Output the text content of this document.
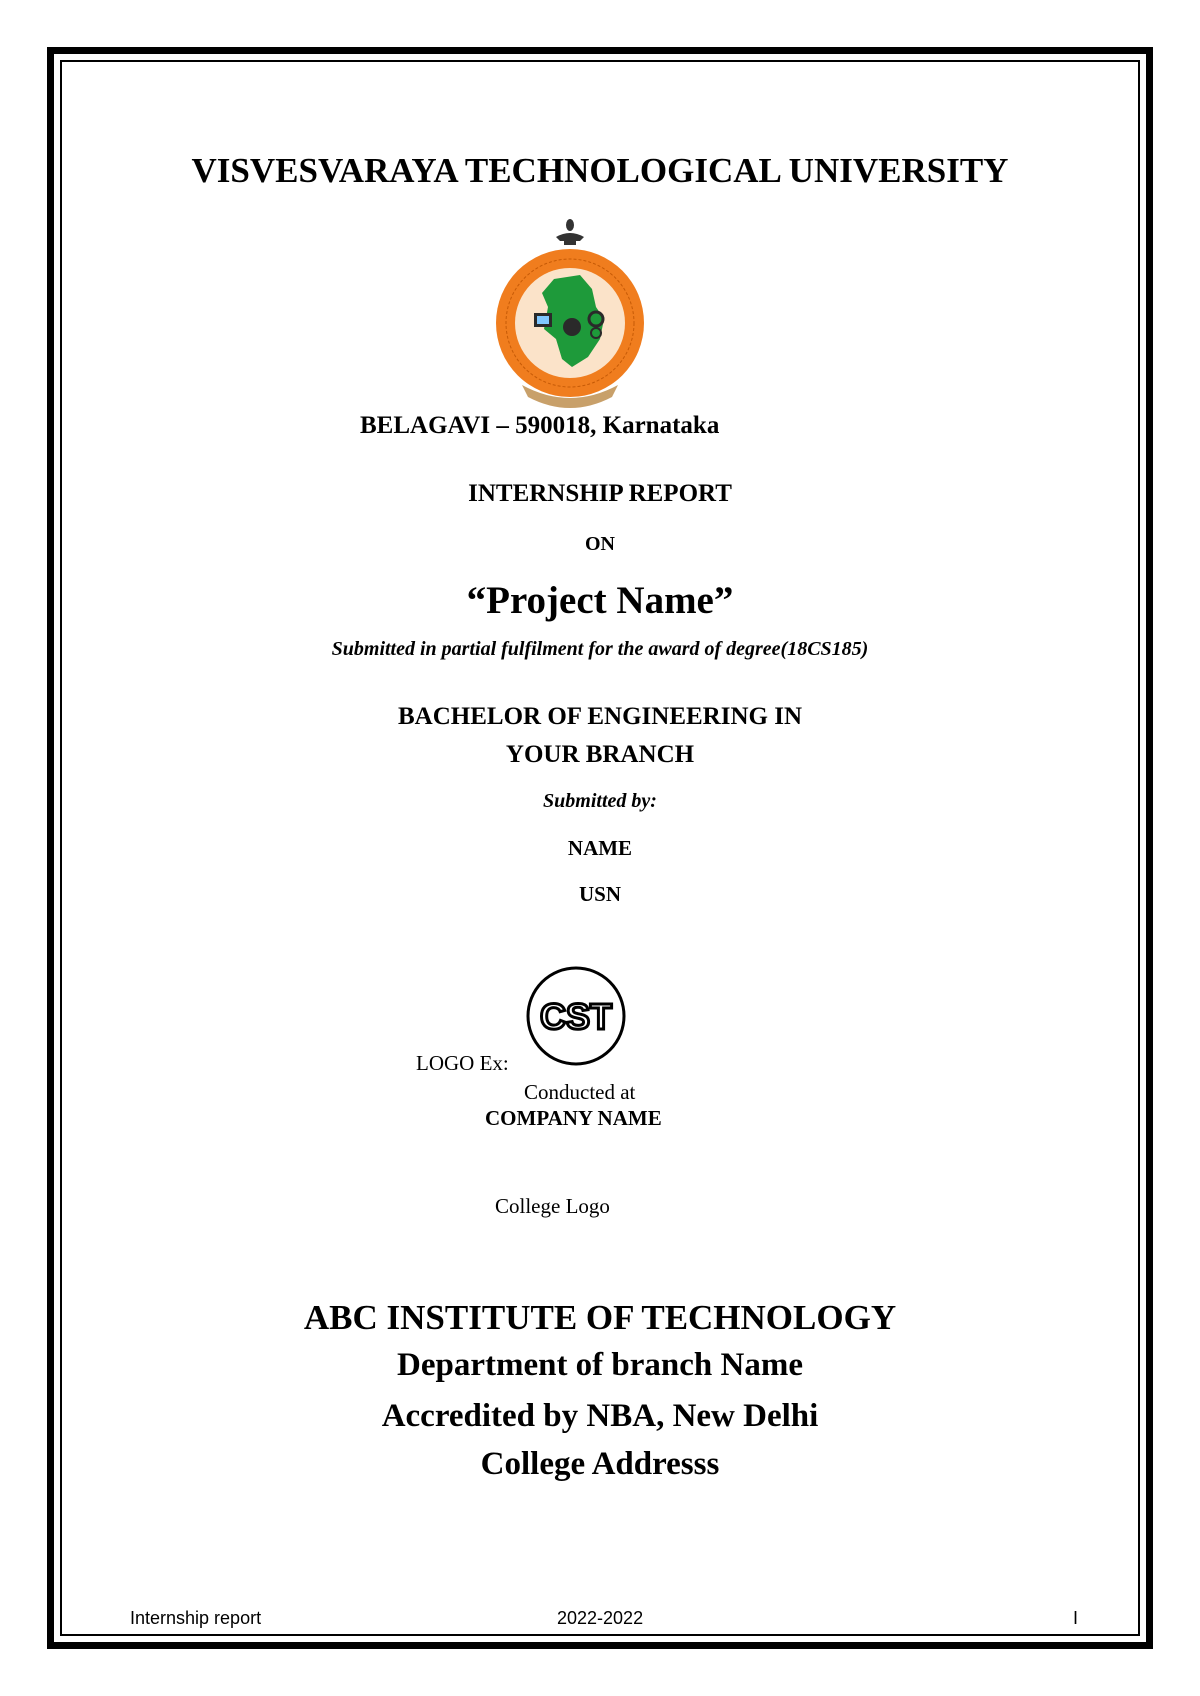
VISVESVARAYA TECHNOLOGICAL UNIVERSITY
BELAGAVI – 590018, Karnataka
INTERNSHIP REPORT
ON
“Project Name”
Submitted in partial fulfilment for the award of degree(18CS185)
BACHELOR OF ENGINEERING IN
YOUR BRANCH
Submitted by:
NAME
USN
CST
LOGO Ex:
Conducted at
COMPANY NAME
College Logo
ABC INSTITUTE OF TECHNOLOGY
Department of branch Name
Accredited by NBA, New Delhi
College Addresss
Internship report	2022-2022	I
